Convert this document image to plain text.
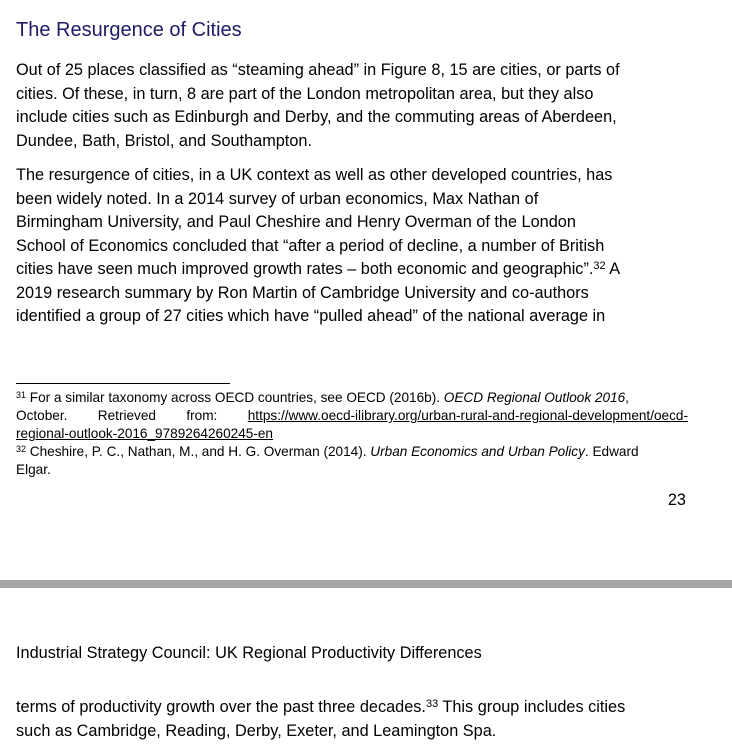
The Resurgence of Cities

Out of 25 places classified as “steaming ahead” in Figure 8, 15 are cities, or parts of
cities. Of these, in turn, 8 are part of the London metropolitan area, but they also
include cities such as Edinburgh and Derby, and the commuting areas of Aberdeen,
Dundee, Bath, Bristol, and Southampton.

The resurgence of cities, in a UK context as well as other developed countries, has
been widely noted. In a 2014 survey of urban economics, Max Nathan of
Birmingham University, and Paul Cheshire and Henry Overman of the London
School of Economics concluded that “after a period of decline, a number of British
cities have seen much improved growth rates – both economic and geographic”.$^{32}$ A
2019 research summary by Ron Martin of Cambridge University and co-authors
identified a group of 27 cities which have “pulled ahead” of the national average in

$^{31}$ For a similar taxonomy across OECD countries, see OECD (2016b). OECD Regional Outlook 2016,
October. Retrieved from: https://www.oecd-ilibrary.org/urban-rural-and-regional-development/oecd-
regional-outlook-2016_9789264260245-en
$^{32}$ Cheshire, P. C., Nathan, M., and H. G. Overman (2014). Urban Economics and Urban Policy. Edward
Elgar.
23

Industrial Strategy Council: UK Regional Productivity Differences

terms of productivity growth over the past three decades.$^{33}$ This group includes cities
such as Cambridge, Reading, Derby, Exeter, and Leamington Spa.
